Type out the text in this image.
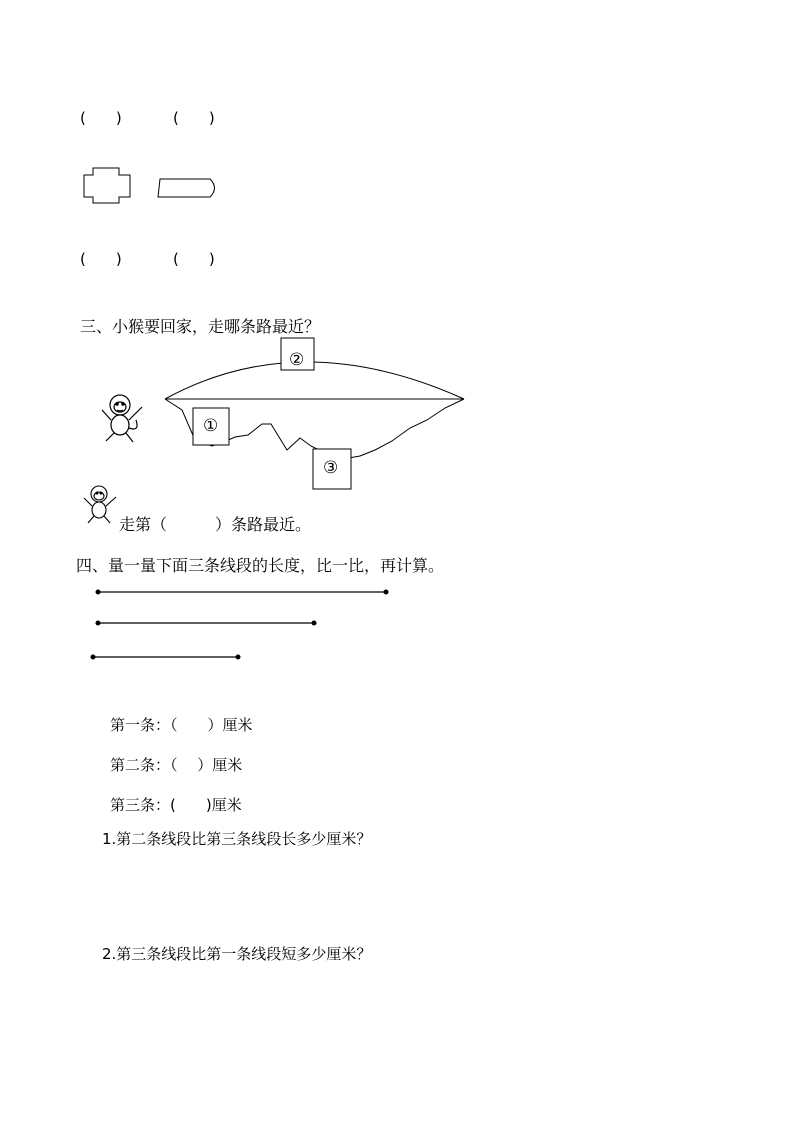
(　　)	(　　)
(　　)	(　　)
三、小猴要回家，走哪条路最近？
①
②
③
走第（　　　）条路最近。
四、量一量下面三条线段的长度，比一比，再计算。
第一条：（　　）厘米
第二条：（　 ）厘米
第三条：(　　)厘米
1.第二条线段比第三条线段长多少厘米？
2.第三条线段比第一条线段短多少厘米？
